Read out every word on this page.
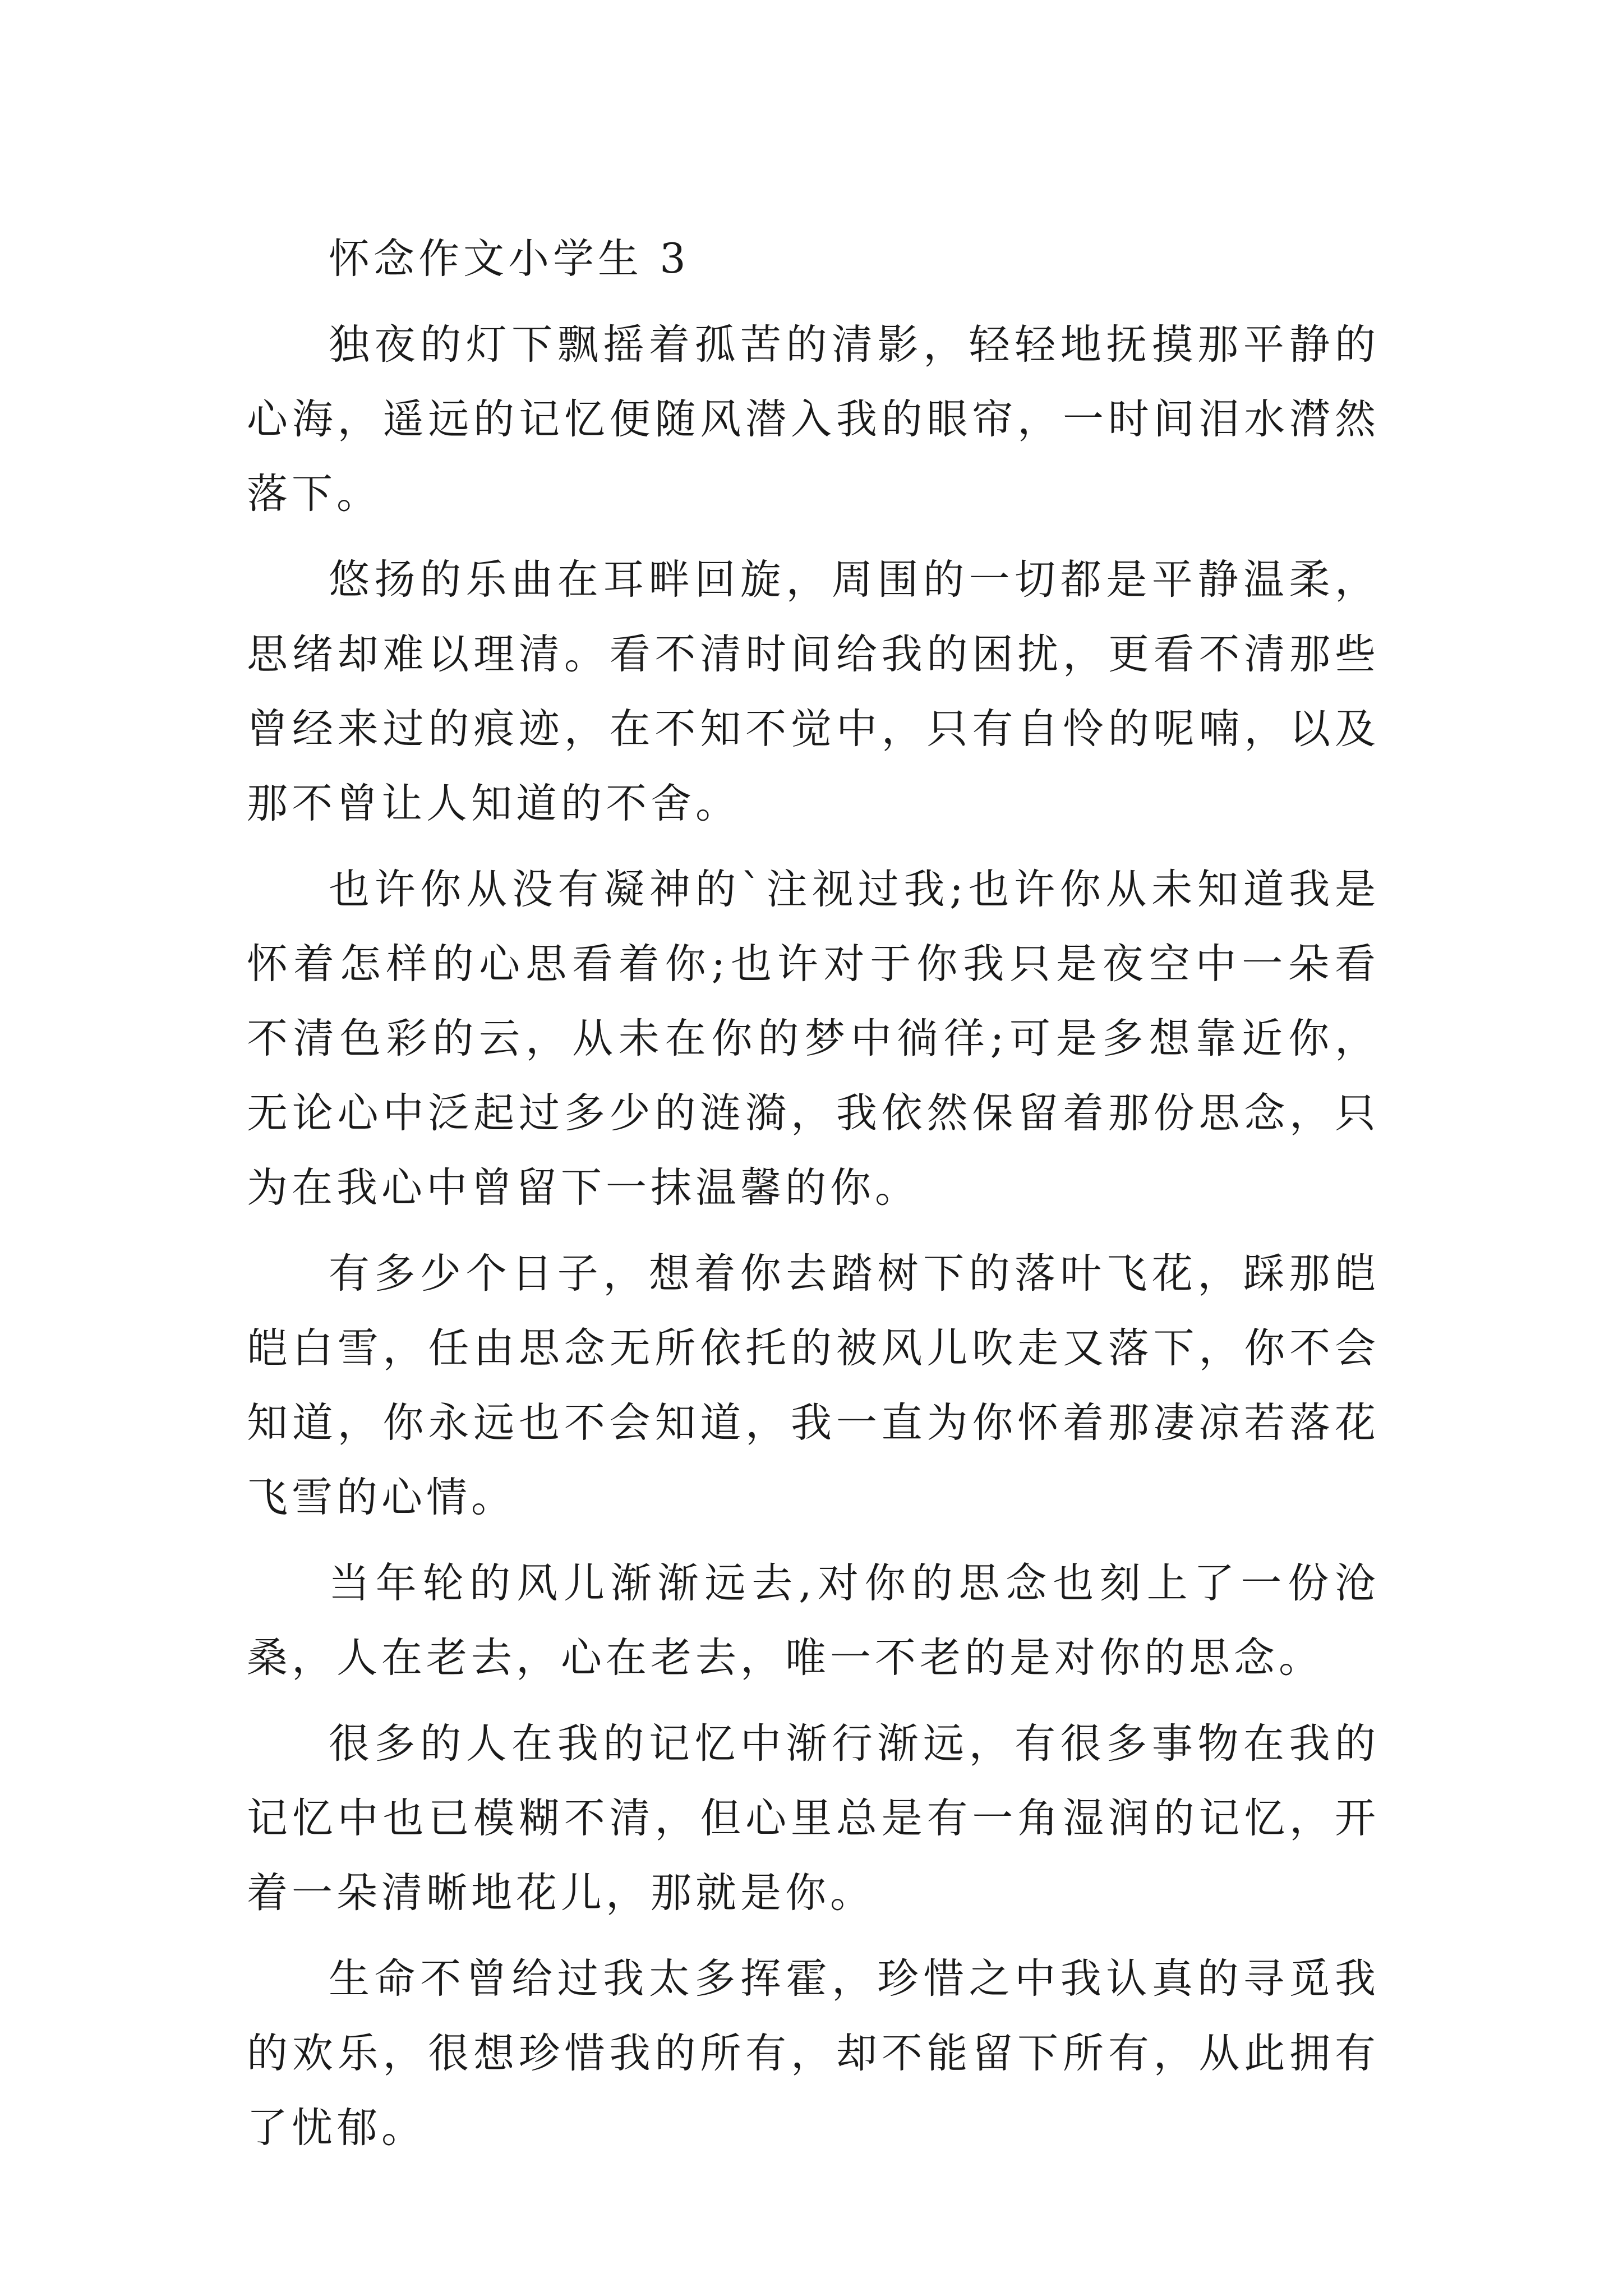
怀念作文小学生 3

独夜的灯下飘摇着孤苦的清影，轻轻地抚摸那平静的心海，遥远的记忆便随风潜入我的眼帘，一时间泪水潸然落下。

悠扬的乐曲在耳畔回旋，周围的一切都是平静温柔，思绪却难以理清。看不清时间给我的困扰，更看不清那些曾经来过的痕迹，在不知不觉中，只有自怜的呢喃，以及那不曾让人知道的不舍。

也许你从没有凝神的`注视过我;也许你从未知道我是怀着怎样的心思看着你;也许对于你我只是夜空中一朵看不清色彩的云，从未在你的梦中徜徉;可是多想靠近你，无论心中泛起过多少的涟漪，我依然保留着那份思念，只为在我心中曾留下一抹温馨的你。

有多少个日子，想着你去踏树下的落叶飞花，踩那皑皑白雪，任由思念无所依托的被风儿吹走又落下，你不会知道，你永远也不会知道，我一直为你怀着那凄凉若落花飞雪的心情。

当年轮的风儿渐渐远去,对你的思念也刻上了一份沧桑，人在老去，心在老去，唯一不老的是对你的思念。

很多的人在我的记忆中渐行渐远，有很多事物在我的记忆中也已模糊不清，但心里总是有一角湿润的记忆，开着一朵清晰地花儿，那就是你。

生命不曾给过我太多挥霍，珍惜之中我认真的寻觅我的欢乐，很想珍惜我的所有，却不能留下所有，从此拥有了忧郁。
